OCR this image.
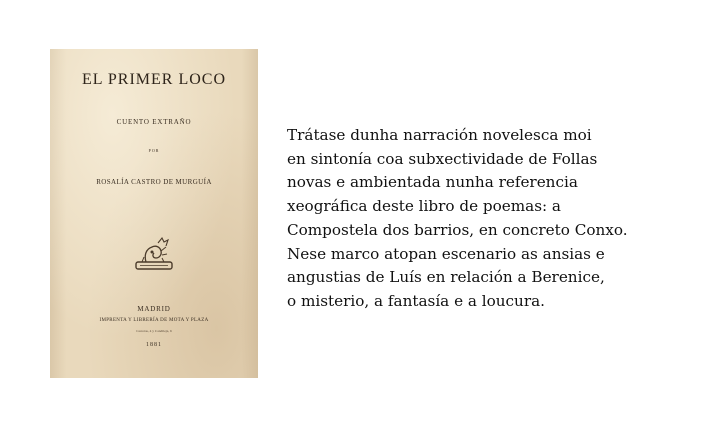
EL PRIMER LOCO
CUENTO EXTRAÑO
POR
ROSALÍA CASTRO DE MURGUÍA
MADRID
IMPRENTA Y LIBRERÍA DE MOTA Y PLAZA
Carretas, 4 y Candileja, 6
1881

Trátase dunha narración novelesca moi
en sintonía coa subxectividade de Follas
novas e ambientada nunha referencia
xeográfica deste libro de poemas: a
Compostela dos barrios, en concreto Conxo.
Nese marco atopan escenario as ansias e
angustias de Luís en relación a Berenice,
o misterio, a fantasía e a loucura.
